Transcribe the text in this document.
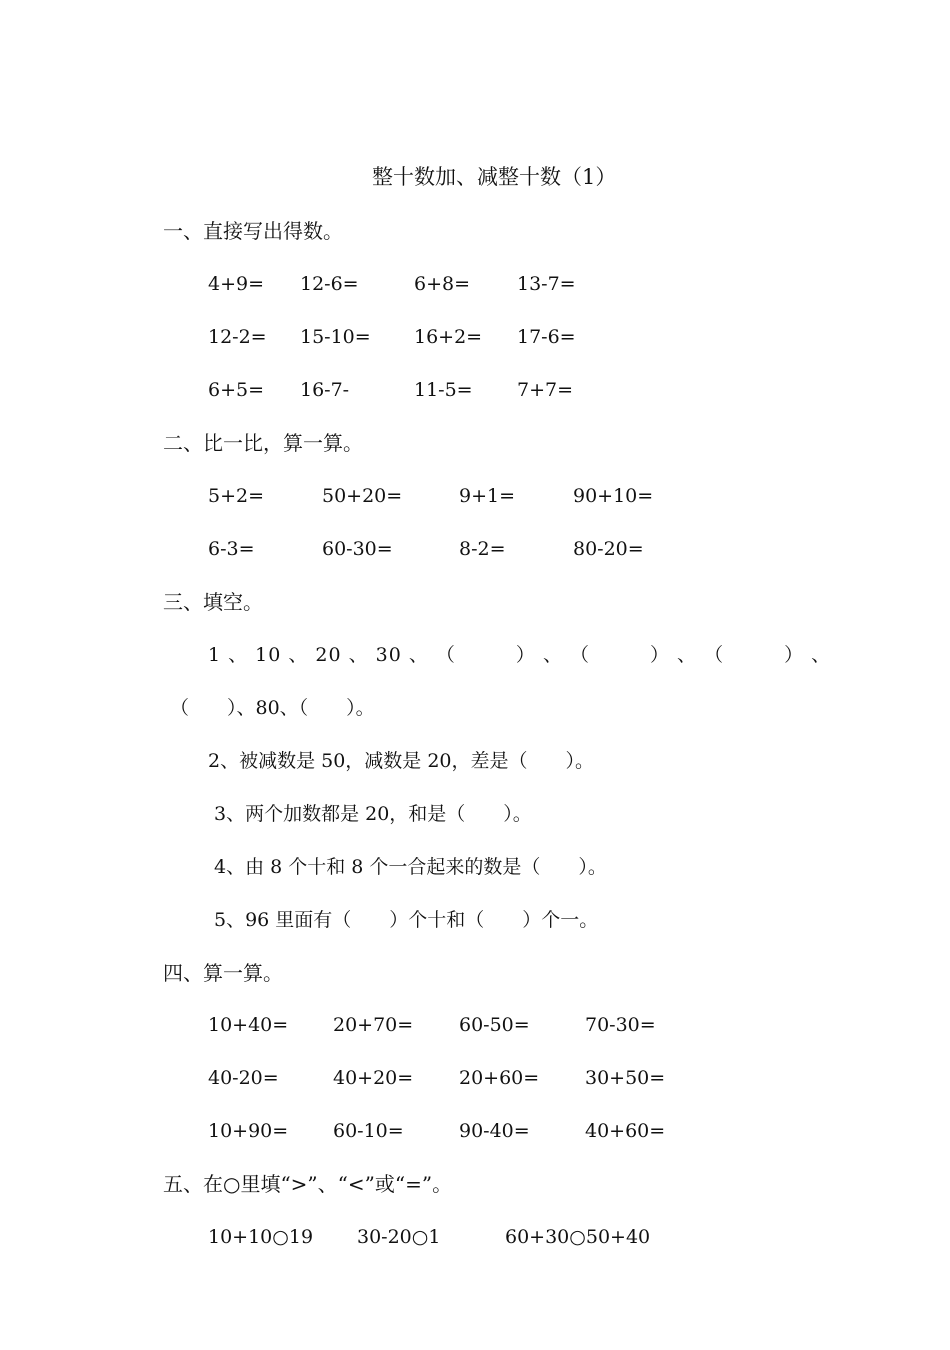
整十数加、减整十数（1）
一、直接写出得数。
4+9= 12-6=	6+8= 13-7=
12-2= 15-10= 16+2= 17-6=
6+5= 16-7-	11-5= 7+7=
二、比一比，算一算。
5+2=	50+20=	9+1=	90+10=
6-3=	60-30=	8-2=	80-20=
三、填空。
1 、 10 、 20 、 30 、 （　　　） 、 （　　　） 、 （　　　） 、
（　　）、80、（　　）。
2、被减数是 50，减数是 20，差是（　　）。
3、两个加数都是 20，和是（　　）。
4、由 8 个十和 8 个一合起来的数是（　　）。
5、96 里面有（　　）个十和（　　）个一。
四、算一算。
10+40= 20+70= 60-50=	70-30=
40-20=	40+20= 20+60= 30+50=
10+90= 60-10=	90-40=	40+60=
五、在○里填“>”、“<”或“=”。
10+10○19 30-20○1	60+30○50+40
